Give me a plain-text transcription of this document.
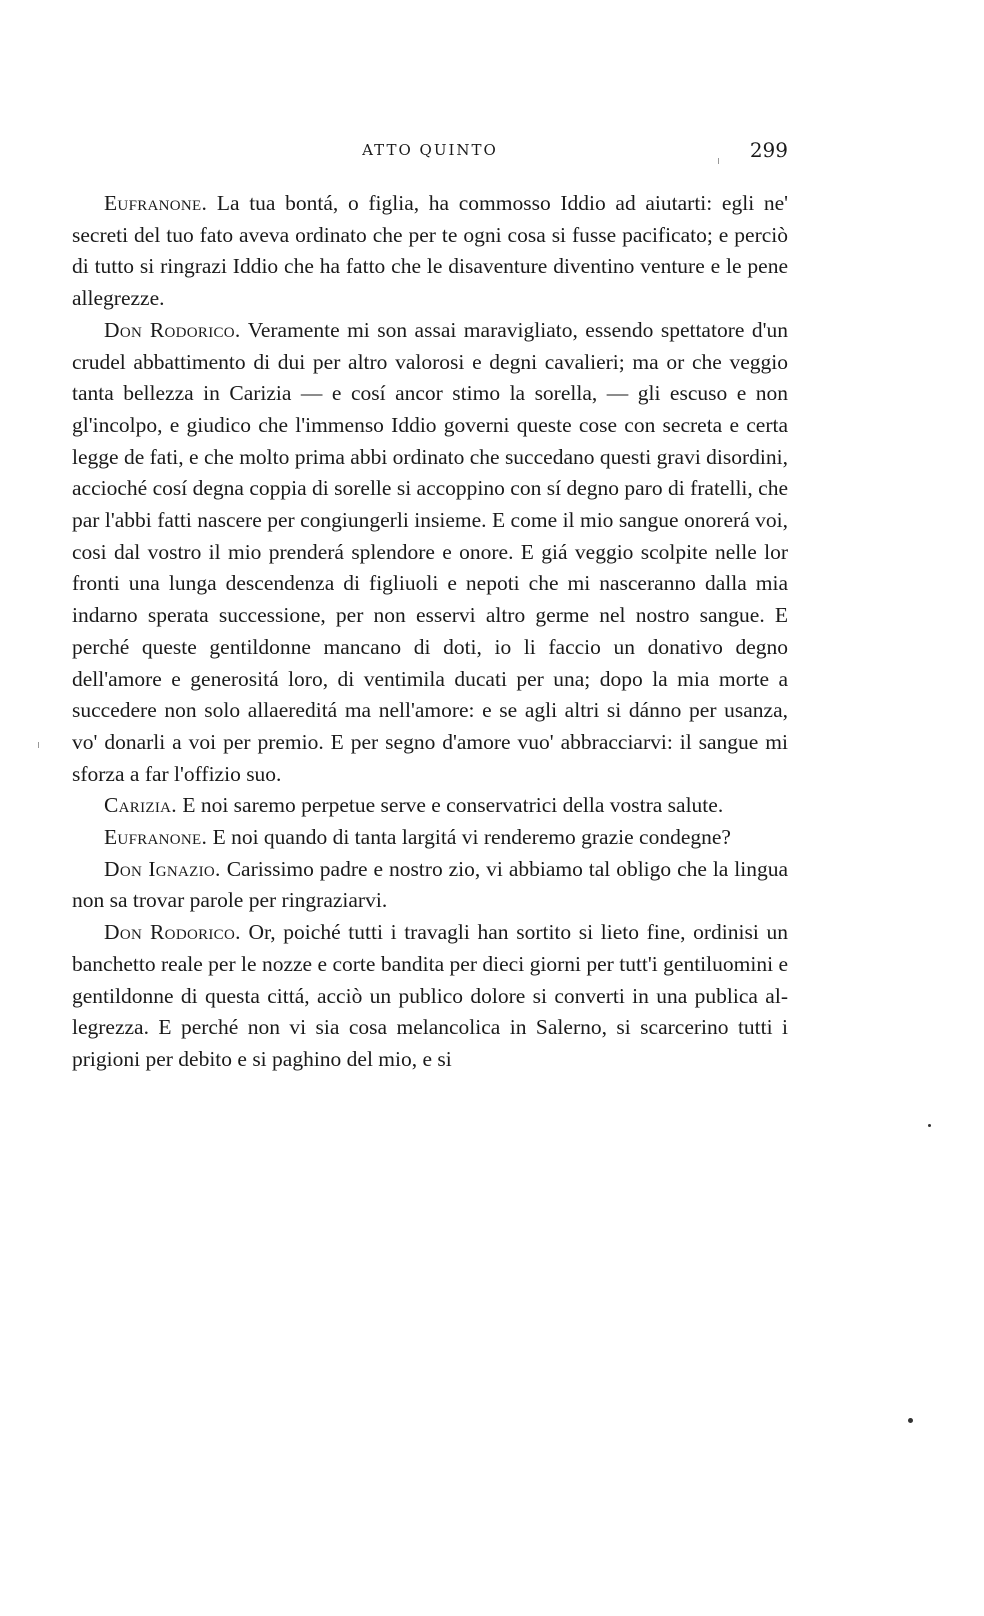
ATTO QUINTO	299

Eufranone. La tua bontá, o figlia, ha commosso Iddio ad aiutarti: egli ne' secreti del tuo fato aveva ordinato che per te ogni cosa si fusse pacificato; e perciò di tutto si ringrazi Iddio che ha fatto che le disaventure diventino venture e le pene allegrezze.

Don Rodorico. Veramente mi son assai maravigliato, essendo spettatore d'un crudel abbattimento di dui per altro valorosi e degni cavalieri; ma or che veggio tanta bellezza in Carizia — e cosí ancor stimo la sorella, — gli escuso e non gl'incolpo, e giudico che l'immenso Iddio governi queste cose con secreta e certa legge de fati, e che molto prima abbi ordinato che succedano questi gravi disordini, accioché cosí degna coppia di sorelle si accoppino con sí degno paro di fratelli, che par l'abbi fatti nascere per congiungerli insieme. E come il mio sangue onorerá voi, cosi dal vostro il mio prenderá splendore e onore. E giá veggio scolpite nelle lor fronti una lunga descendenza di figliuoli e nepoti che mi nasceranno dalla mia indarno sperata successione, per non esservi altro germe nel nostro sangue. E perché queste gentildonne mancano di doti, io li faccio un donativo degno dell'amore e generositá loro, di ventimila ducati per una; dopo la mia morte a succedere non solo allaereditá ma nell'amore: e se agli altri si dánno per usanza, vo' donarli a voi per premio. E per segno d'amore vuo' abbracciarvi: il sangue mi sforza a far l'offizio suo.

Carizia. E noi saremo perpetue serve e conservatrici della vostra salute.

Eufranone. E noi quando di tanta largitá vi renderemo grazie condegne?

Don Ignazio. Carissimo padre e nostro zio, vi abbiamo tal obligo che la lingua non sa trovar parole per ringraziarvi.

Don Rodorico. Or, poiché tutti i travagli han sortito si lieto fine, ordinisi un banchetto reale per le nozze e corte bandita per dieci giorni per tutt'i gentiluomini e gentildonne di questa cittá, acciò un publico dolore si converti in una publica allegrezza. E perché non vi sia cosa melancolica in Salerno, si scarcerino tutti i prigioni per debito e si paghino del mio, e si
